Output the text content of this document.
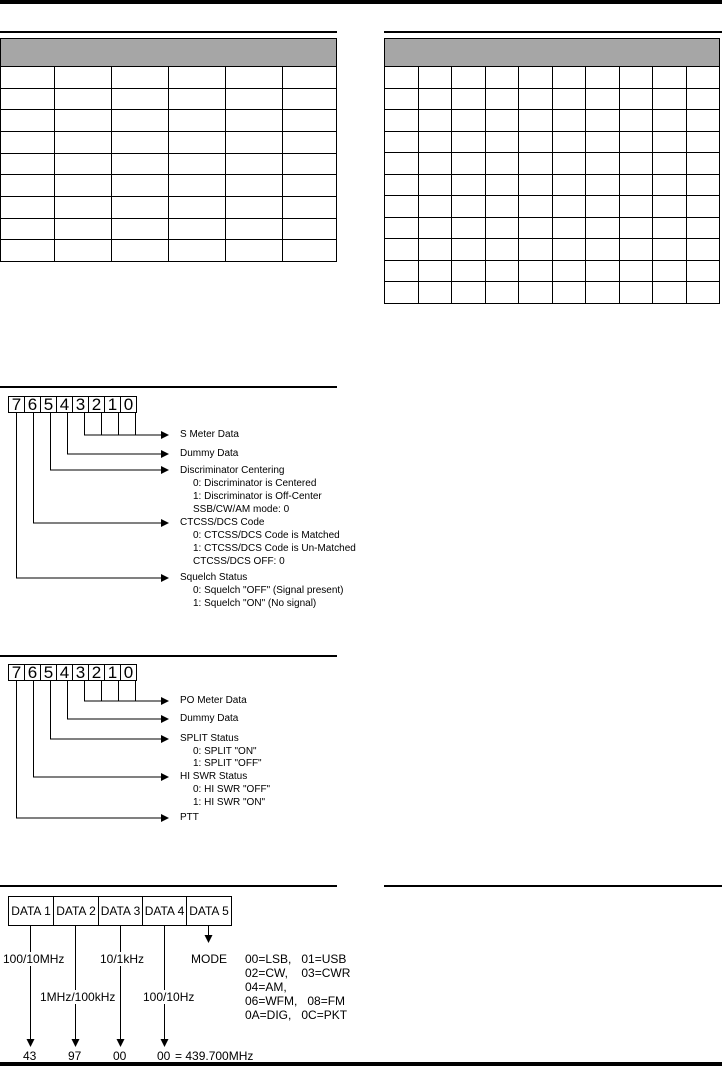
7 6 5 4 3 2 1 0
S Meter Data
Dummy Data
Discriminator Centering
0: Discriminator is Centered
1: Discriminator is Off-Center
SSB/CW/AM mode: 0
CTCSS/DCS Code
0: CTCSS/DCS Code is Matched
1: CTCSS/DCS Code is Un-Matched
CTCSS/DCS OFF: 0
Squelch Status
0: Squelch "OFF" (Signal present)
1: Squelch "ON" (No signal)
7 6 5 4 3 2 1 0
PO Meter Data
Dummy Data
SPLIT Status
0: SPLIT "ON"
1: SPLIT "OFF"
HI SWR Status
0: HI SWR "OFF"
1: HI SWR "ON"
PTT
DATA 1 DATA 2 DATA 3 DATA 4 DATA 5
100/10MHz
1MHz/100kHz
10/1kHz
100/10Hz
MODE 00=LSB,   01=USB
02=CW,    03=CWR
04=AM,
06=WFM,   08=FM
0A=DIG,   0C=PKT
43	97	00	00 = 439.700MHz
